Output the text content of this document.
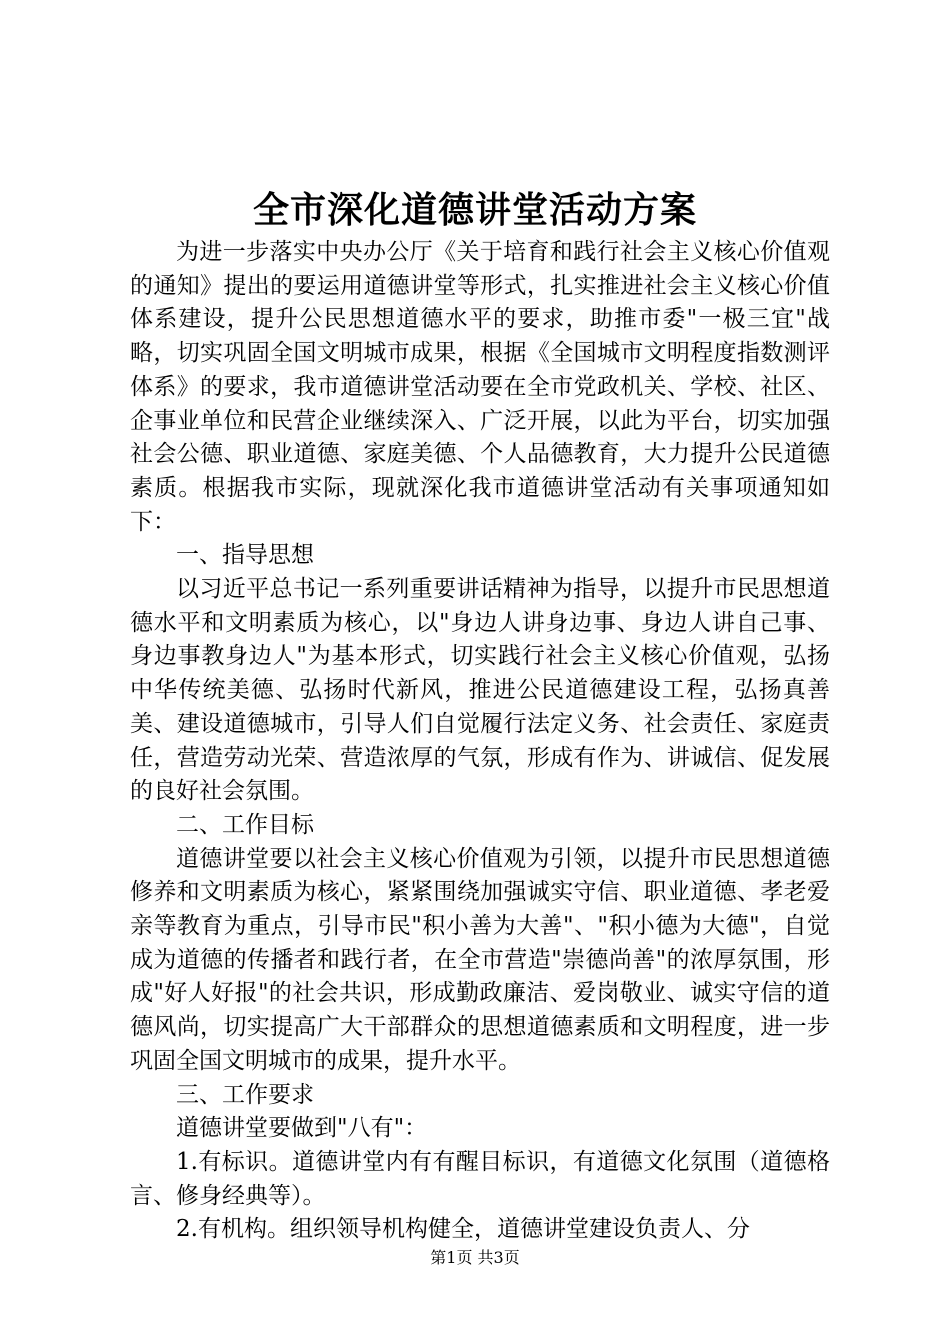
全市深化道德讲堂活动方案

为进一步落实中央办公厅《关于培育和践行社会主义核心价值观的通知》提出的要运用道德讲堂等形式，扎实推进社会主义核心价值体系建设，提升公民思想道德水平的要求，助推市委"一极三宜"战略，切实巩固全国文明城市成果，根据《全国城市文明程度指数测评体系》的要求，我市道德讲堂活动要在全市党政机关、学校、社区、企事业单位和民营企业继续深入、广泛开展，以此为平台，切实加强社会公德、职业道德、家庭美德、个人品德教育，大力提升公民道德素质。根据我市实际，现就深化我市道德讲堂活动有关事项通知如下：

一、指导思想

以习近平总书记一系列重要讲话精神为指导，以提升市民思想道德水平和文明素质为核心，以"身边人讲身边事、身边人讲自己事、身边事教身边人"为基本形式，切实践行社会主义核心价值观，弘扬中华传统美德、弘扬时代新风，推进公民道德建设工程，弘扬真善美、建设道德城市，引导人们自觉履行法定义务、社会责任、家庭责任，营造劳动光荣、营造浓厚的气氛，形成有作为、讲诚信、促发展的良好社会氛围。

二、工作目标

道德讲堂要以社会主义核心价值观为引领，以提升市民思想道德修养和文明素质为核心，紧紧围绕加强诚实守信、职业道德、孝老爱亲等教育为重点，引导市民"积小善为大善"、"积小德为大德"，自觉成为道德的传播者和践行者，在全市营造"崇德尚善"的浓厚氛围，形成"好人好报"的社会共识，形成勤政廉洁、爱岗敬业、诚实守信的道德风尚，切实提高广大干部群众的思想道德素质和文明程度，进一步巩固全国文明城市的成果，提升水平。

三、工作要求

道德讲堂要做到"八有"：

1.有标识。道德讲堂内有有醒目标识，有道德文化氛围（道德格言、修身经典等）。

2.有机构。组织领导机构健全，道德讲堂建设负责人、分

第1页 共3页
